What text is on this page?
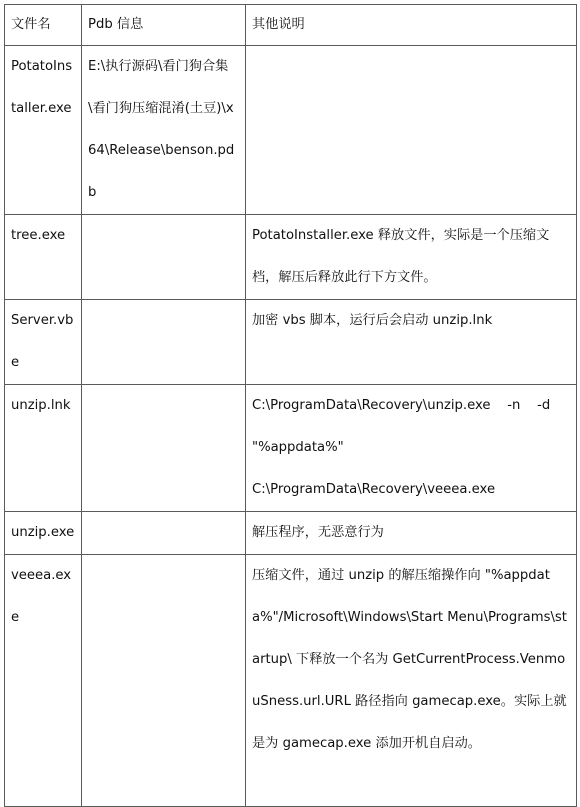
文件名	Pdb 信息	其他说明
PotatoInstaller.exe	E:\执行源码\看门狗合集\看门狗压缩混淆(土豆)\x64\Release\benson.pdb	
tree.exe		PotatoInstaller.exe 释放文件，实际是一个压缩文档，解压后释放此行下方文件。
Server.vbe		加密 vbs 脚本，运行后会启动 unzip.lnk
unzip.lnk		C:\ProgramData\Recovery\unzip.exe    -n    -d
"%appdata%"
C:\ProgramData\Recovery\veeea.exe

unzip.exe		解压程序，无恶意行为
veeea.exe		压缩文件，通过 unzip 的解压缩操作向 "%appdata%"/Microsoft\Windows\Start Menu\Programs\startup\ 下释放一个名为 GetCurrentProcess.VenmouSness.url.URL 路径指向 gamecap.exe。实际上就是为 gamecap.exe 添加开机自启动。
